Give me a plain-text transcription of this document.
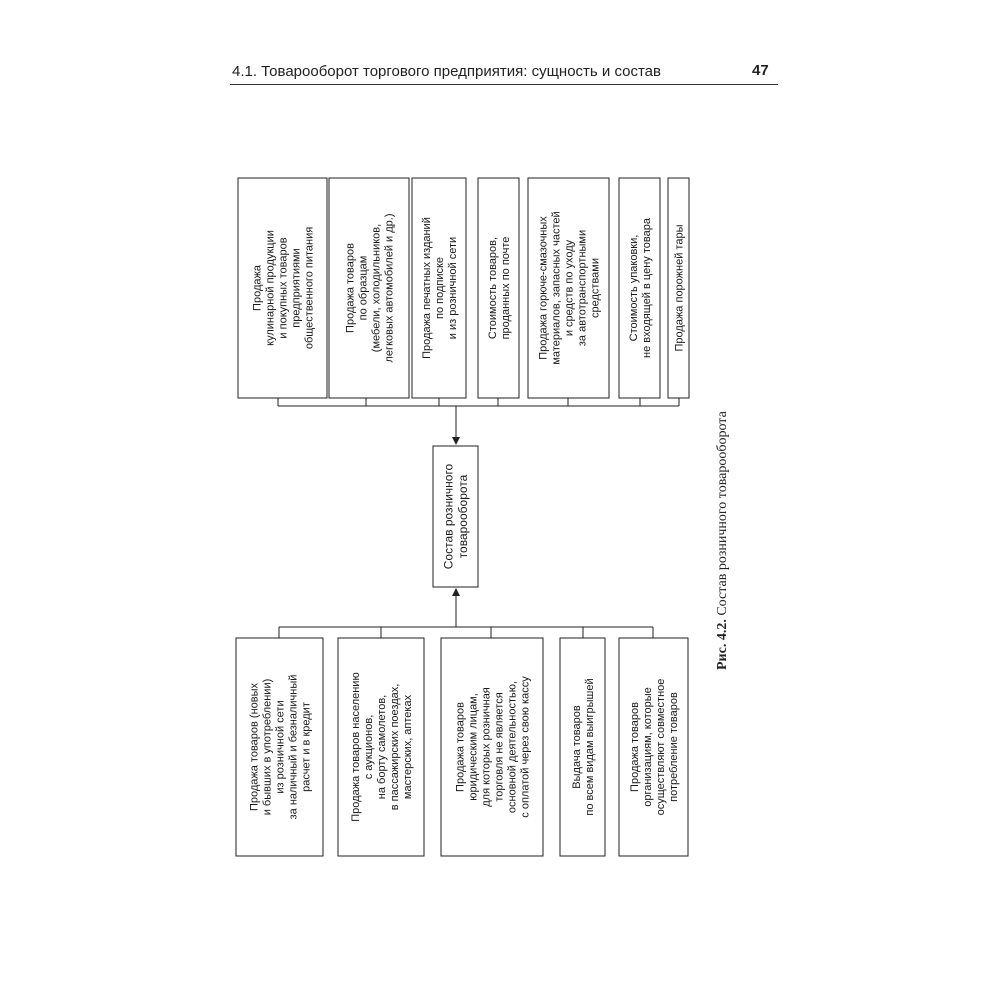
4.1. Товарооборот торгового предприятия: сущность и состав	47
Продажакулинарной продукциии покупных товаровпредприятиямиобщественного питания	Продажа товаровпо образцам(мебели, холодильников,легковых автомобилей и др.) Продажа печатных изданийпо подпискеи из розничной сети	Стоимость товаров,проданных по почте Продажа горюче-смазочныхматериалов, запасных частейи средств по уходуза автотранспортнымисредствами Стоимость упаковки,не входящей в цену товара Продажа порожней тары
Состав розничноготоварооборота
Продажа товаров (новыхи бывших в употреблении)из розничной сетиза наличный и безналичныйрасчет и в кредит	Продажа товаров населениюс аукционов,на борту самолетов,в пассажирских поездах,мастерских, аптеках	Продажа товаровюридическим лицам,для которых розничнаяторговля не являетсяосновной деятельностью,с оплатой через свою кассу	Выдача товаровпо всем видам выигрышей	Продажа товароворганизациям, которыеосуществляют совместноепотребление товаров
Рис. 4.2. Состав розничного товарооборота
